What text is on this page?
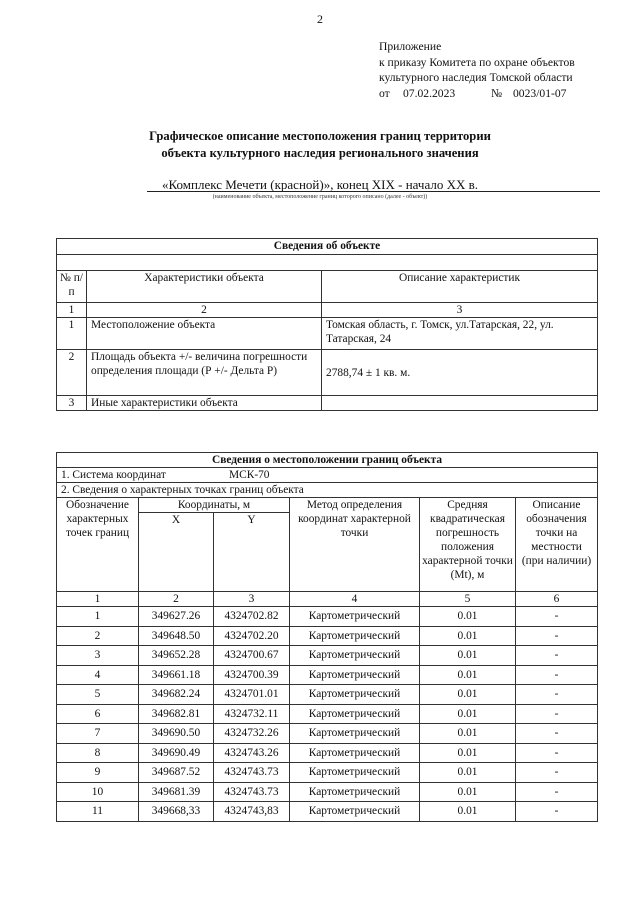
2
Приложение
к приказу Комитета по охране объектов
культурного наследия Томской области
от 07.02.2023	№ 0023/01-07
Графическое описание местоположения границ территории
объекта культурного наследия регионального значения
«Комплекс Мечети (красной)», конец XIX - начало XX в.
(наименование объекта, местоположение границ которого описано (далее - объект))
Сведения об объекте		

№ п/п	Характеристики объекта	Описание характеристик
1	2	3
1	Местоположение объекта	Томская область, г. Томск, ул.Татарская, 22, ул. Татарская, 24
2	Площадь объекта +/- величина погрешности определения площади (Р +/- Дельта Р)	2788,74 ± 1 кв. м.
3	Иные характеристики объекта	
Сведения о местоположении границ объекта					
1. Система координат МСК-70					
2. Сведения о характерных точках границ объекта					
Обозначение характерных точек границ	Координаты, м		Метод определения координат характерной точки	Средняя квадратическая погрешность положения характерной точки (Mt), м	Описание обозначения точки на местности (при наличии)
	X	Y			
1	2	3	4	5	6
1	349627.26	4324702.82	Картометрический	0.01	-
2	349648.50	4324702.20	Картометрический	0.01	-
3	349652.28	4324700.67	Картометрический	0.01	-
4	349661.18	4324700.39	Картометрический	0.01	-
5	349682.24	4324701.01	Картометрический	0.01	-
6	349682.81	4324732.11	Картометрический	0.01	-
7	349690.50	4324732.26	Картометрический	0.01	-
8	349690.49	4324743.26	Картометрический	0.01	-
9	349687.52	4324743.73	Картометрический	0.01	-
10	349681.39	4324743.73	Картометрический	0.01	-
11	349668,33	4324743,83	Картометрический	0.01	-
